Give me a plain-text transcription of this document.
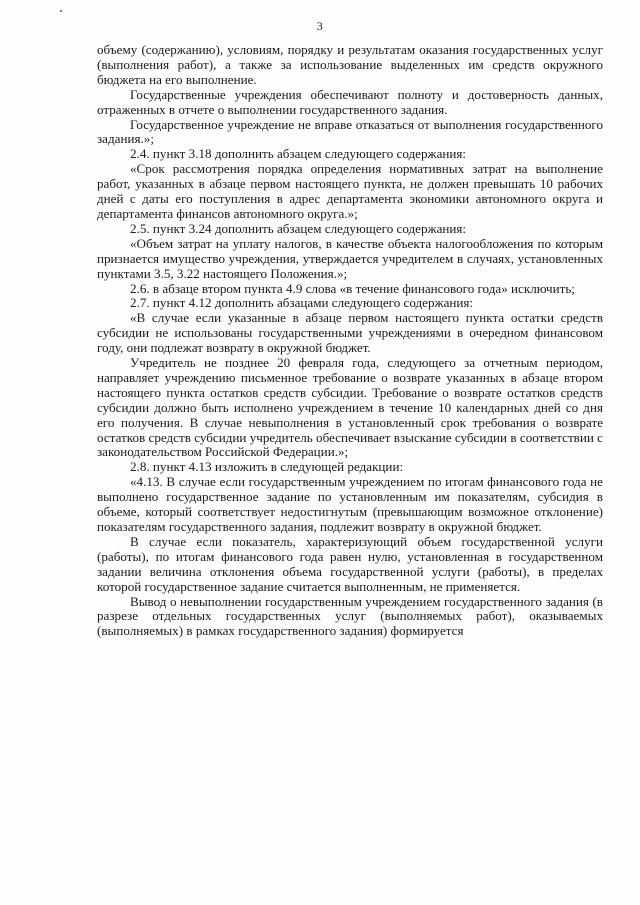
3

объему (содержанию), условиям, порядку и результатам оказания государственных услуг (выполнения работ), а также за использование выделенных им средств окружного бюджета на его выполнение.

Государственные учреждения обеспечивают полноту и достоверность данных, отраженных в отчете о выполнении государственного задания.

Государственное учреждение не вправе отказаться от выполнения государственного задания.»;

2.4. пункт 3.18 дополнить абзацем следующего содержания:

«Срок рассмотрения порядка определения нормативных затрат на выполнение работ, указанных в абзаце первом настоящего пункта, не должен превышать 10 рабочих дней с даты его поступления в адрес департамента экономики автономного округа и департамента финансов автономного округа.»;

2.5. пункт 3.24 дополнить абзацем следующего содержания:

«Объем затрат на уплату налогов, в качестве объекта налогообложения по которым признается имущество учреждения, утверждается учредителем в случаях, установленных пунктами 3.5, 3.22 настоящего Положения.»;

2.6. в абзаце втором пункта 4.9 слова «в течение финансового года» исключить;

2.7. пункт 4.12 дополнить абзацами следующего содержания:

«В случае если указанные в абзаце первом настоящего пункта остатки средств субсидии не использованы государственными учреждениями в очередном финансовом году, они подлежат возврату в окружной бюджет.

Учредитель не позднее 20 февраля года, следующего за отчетным периодом, направляет учреждению письменное требование о возврате указанных в абзаце втором настоящего пункта остатков средств субсидии. Требование о возврате остатков средств субсидии должно быть исполнено учреждением в течение 10 календарных дней со дня его получения. В случае невыполнения в установленный срок требования о возврате остатков средств субсидии учредитель обеспечивает взыскание субсидии в соответствии с законодательством Российской Федерации.»;

2.8. пункт 4.13 изложить в следующей редакции:

«4.13. В случае если государственным учреждением по итогам финансового года не выполнено государственное задание по установленным им показателям, субсидия в объеме, который соответствует недостигнутым (превышающим возможное отклонение) показателям государственного задания, подлежит возврату в окружной бюджет.

В случае если показатель, характеризующий объем государственной услуги (работы), по итогам финансового года равен нулю, установленная в государственном задании величина отклонения объема государственной услуги (работы), в пределах которой государственное задание считается выполненным, не применяется.

Вывод о невыполнении государственным учреждением государственного задания (в разрезе отдельных государственных услуг (выполняемых работ), оказываемых (выполняемых) в рамках государственного задания) формируется
